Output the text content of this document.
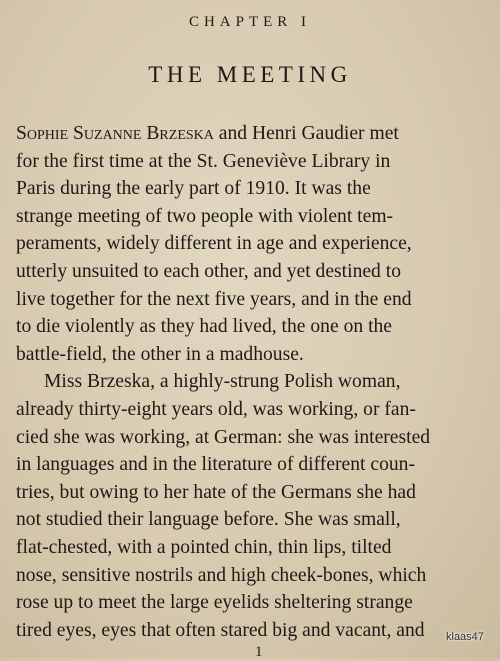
CHAPTER I
THE MEETING
Sophie Suzanne Brzeska and Henri Gaudier met
for the first time at the St. Geneviève Library in
Paris during the early part of 1910. It was the
strange meeting of two people with violent tem-
peraments, widely different in age and experience,
utterly unsuited to each other, and yet destined to
live together for the next five years, and in the end
to die violently as they had lived, the one on the
battle-field, the other in a madhouse.
Miss Brzeska, a highly-strung Polish woman,
already thirty-eight years old, was working, or fan-
cied she was working, at German: she was interested
in languages and in the literature of different coun-
tries, but owing to her hate of the Germans she had
not studied their language before. She was small,
flat-chested, with a pointed chin, thin lips, tilted
nose, sensitive nostrils and high cheek-bones, which
rose up to meet the large eyelids sheltering strange
tired eyes, eyes that often stared big and vacant, and	klaas47
1
